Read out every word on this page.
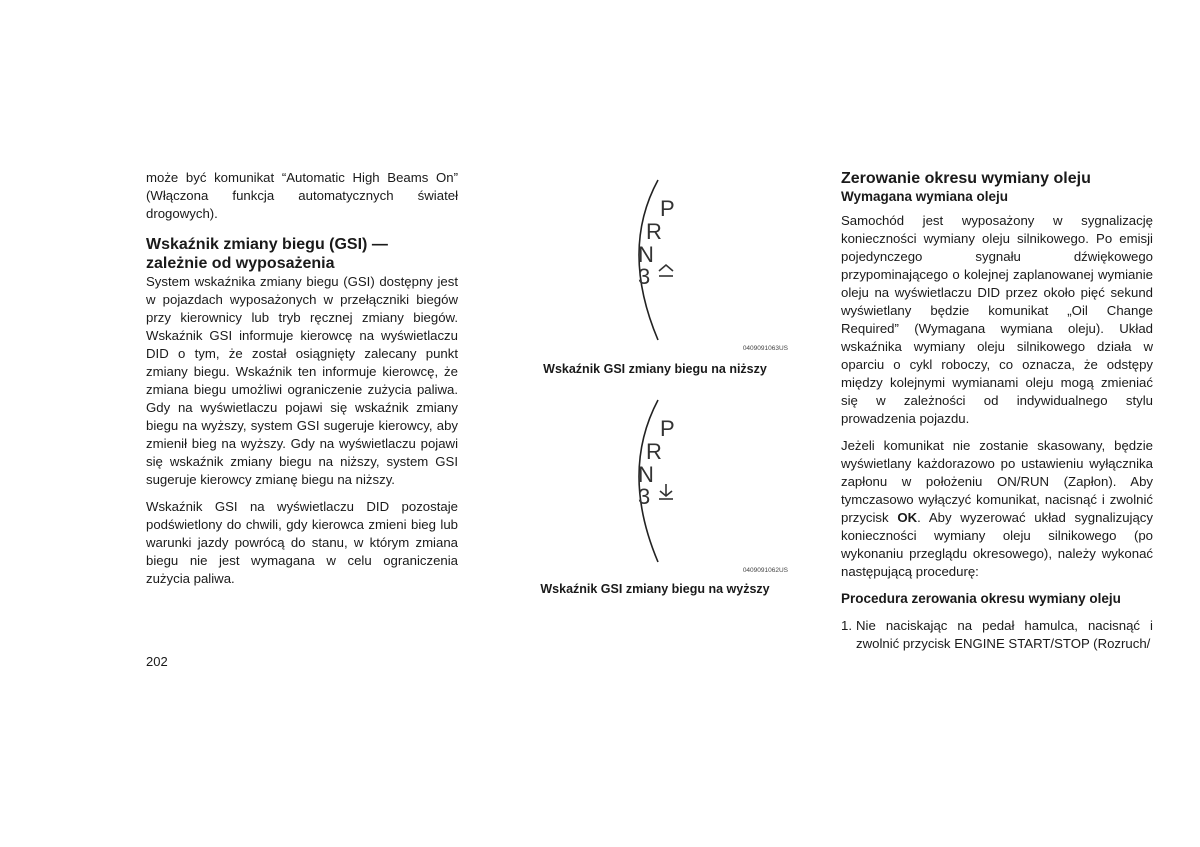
może być komunikat “Automatic High Beams On” (Włączona funkcja automatycznych świateł drogowych).

Wskaźnik zmiany biegu (GSI) —
zależnie od wyposażenia

System wskaźnika zmiany biegu (GSI) dostępny jest w pojazdach wyposażonych w przełączniki biegów przy kierownicy lub tryb ręcznej zmiany biegów. Wskaźnik GSI informuje kierowcę na wyświetlaczu DID o tym, że został osiągnięty zalecany punkt zmiany biegu. Wskaźnik ten informuje kierowcę, że zmiana biegu umożliwi ograniczenie zużycia paliwa. Gdy na wyświetlaczu pojawi się wskaźnik zmiany biegu na wyższy, system GSI sugeruje kierowcy, aby zmienił bieg na wyższy. Gdy na wyświetlaczu pojawi się wskaźnik zmiany biegu na niższy, system GSI sugeruje kierowcy zmianę biegu na niższy.

Wskaźnik GSI na wyświetlaczu DID pozostaje podświetlony do chwili, gdy kierowca zmieni bieg lub warunki jazdy powrócą do stanu, w którym zmiana biegu nie jest wymagana w celu ograniczenia zużycia paliwa.

P
R
N
3
0409091063US
Wskaźnik GSI zmiany biegu na niższy
P
R
N
3
0409091062US
Wskaźnik GSI zmiany biegu na wyższy
Zerowanie okresu wymiany oleju
Wymagana wymiana oleju

Samochód jest wyposażony w sygnalizację konieczności wymiany oleju silnikowego. Po emisji pojedynczego sygnału dźwiękowego przypominającego o kolejnej zaplanowanej wymianie oleju na wyświetlaczu DID przez około pięć sekund wyświetlany będzie komunikat „Oil Change Required” (Wymagana wymiana oleju). Układ wskaźnika wymiany oleju silnikowego działa w oparciu o cykl roboczy, co oznacza, że odstępy między kolejnymi wymianami oleju mogą zmieniać się w zależności od indywidualnego stylu prowadzenia pojazdu.

Jeżeli komunikat nie zostanie skasowany, będzie wyświetlany każdorazowo po ustawieniu wyłącznika zapłonu w położeniu ON/RUN (Zapłon). Aby tymczasowo wyłączyć komunikat, nacisnąć i zwolnić przycisk OK. Aby wyzerować układ sygnalizujący konieczności wymiany oleju silnikowego (po wykonaniu przeglądu okresowego), należy wykonać następującą procedurę:

Procedura zerowania okresu wymiany oleju
1. Nie naciskając na pedał hamulca, nacisnąć i zwolnić przycisk ENGINE START/STOP (Rozruch/
202
